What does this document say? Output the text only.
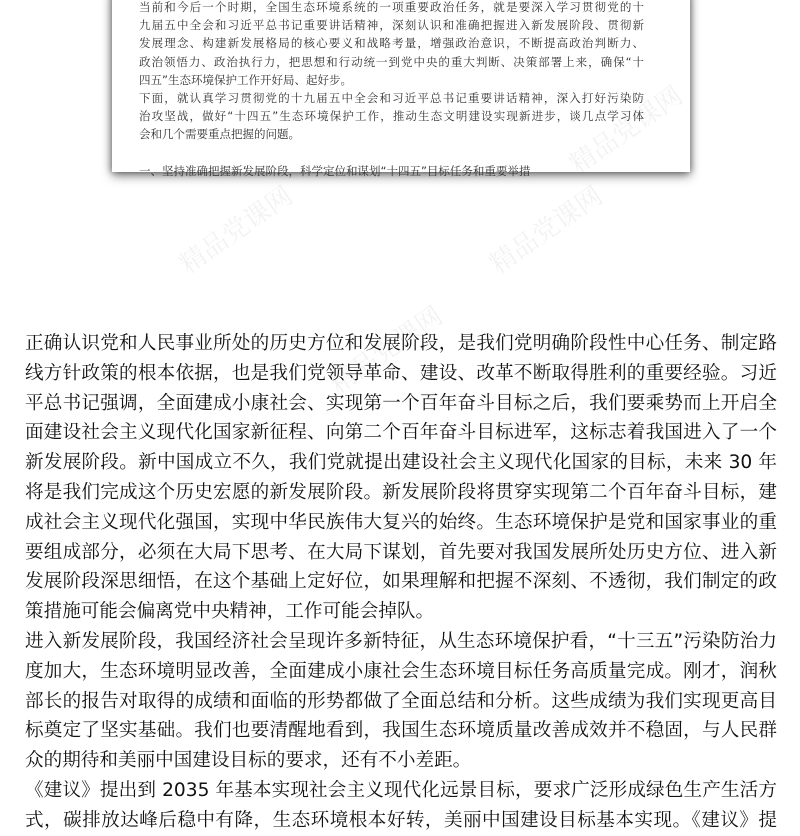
当前和今后一个时期，全国生态环境系统的一项重要政治任务，就是要深入学习贯彻党的十
九届五中全会和习近平总书记重要讲话精神，深刻认识和准确把握进入新发展阶段、贯彻新
发展理念、构建新发展格局的核心要义和战略考量，增强政治意识，不断提高政治判断力、
政治领悟力、政治执行力，把思想和行动统一到党中央的重大判断、决策部署上来，确保“十
四五”生态环境保护工作开好局、起好步。
下面，就认真学习贯彻党的十九届五中全会和习近平总书记重要讲话精神，深入打好污染防
治攻坚战，做好“十四五”生态环境保护工作，推动生态文明建设实现新进步，谈几点学习体
会和几个需要重点把握的问题。
一、坚持准确把握新发展阶段，科学定位和谋划“十四五”目标任务和重要举措
精品党课网	精品党课网
精品党课网
精品党课网
正确认识党和人民事业所处的历史方位和发展阶段，是我们党明确阶段性中心任务、制定路
线方针政策的根本依据，也是我们党领导革命、建设、改革不断取得胜利的重要经验。习近
平总书记强调，全面建成小康社会、实现第一个百年奋斗目标之后，我们要乘势而上开启全
面建设社会主义现代化国家新征程、向第二个百年奋斗目标进军，这标志着我国进入了一个
新发展阶段。新中国成立不久，我们党就提出建设社会主义现代化国家的目标，未来 30 年
将是我们完成这个历史宏愿的新发展阶段。新发展阶段将贯穿实现第二个百年奋斗目标，建
成社会主义现代化强国，实现中华民族伟大复兴的始终。生态环境保护是党和国家事业的重
要组成部分，必须在大局下思考、在大局下谋划，首先要对我国发展所处历史方位、进入新
发展阶段深思细悟，在这个基础上定好位，如果理解和把握不深刻、不透彻，我们制定的政
策措施可能会偏离党中央精神，工作可能会掉队。
进入新发展阶段，我国经济社会呈现许多新特征，从生态环境保护看，“十三五”污染防治力
度加大，生态环境明显改善，全面建成小康社会生态环境目标任务高质量完成。刚才，润秋
部长的报告对取得的成绩和面临的形势都做了全面总结和分析。这些成绩为我们实现更高目
标奠定了坚实基础。我们也要清醒地看到，我国生态环境质量改善成效并不稳固，与人民群
众的期待和美丽中国建设目标的要求，还有不小差距。
《建议》提出到 2035 年基本实现社会主义现代化远景目标，要求广泛形成绿色生产生活方
式，碳排放达峰后稳中有降，生态环境根本好转，美丽中国建设目标基本实现。《建议》提
